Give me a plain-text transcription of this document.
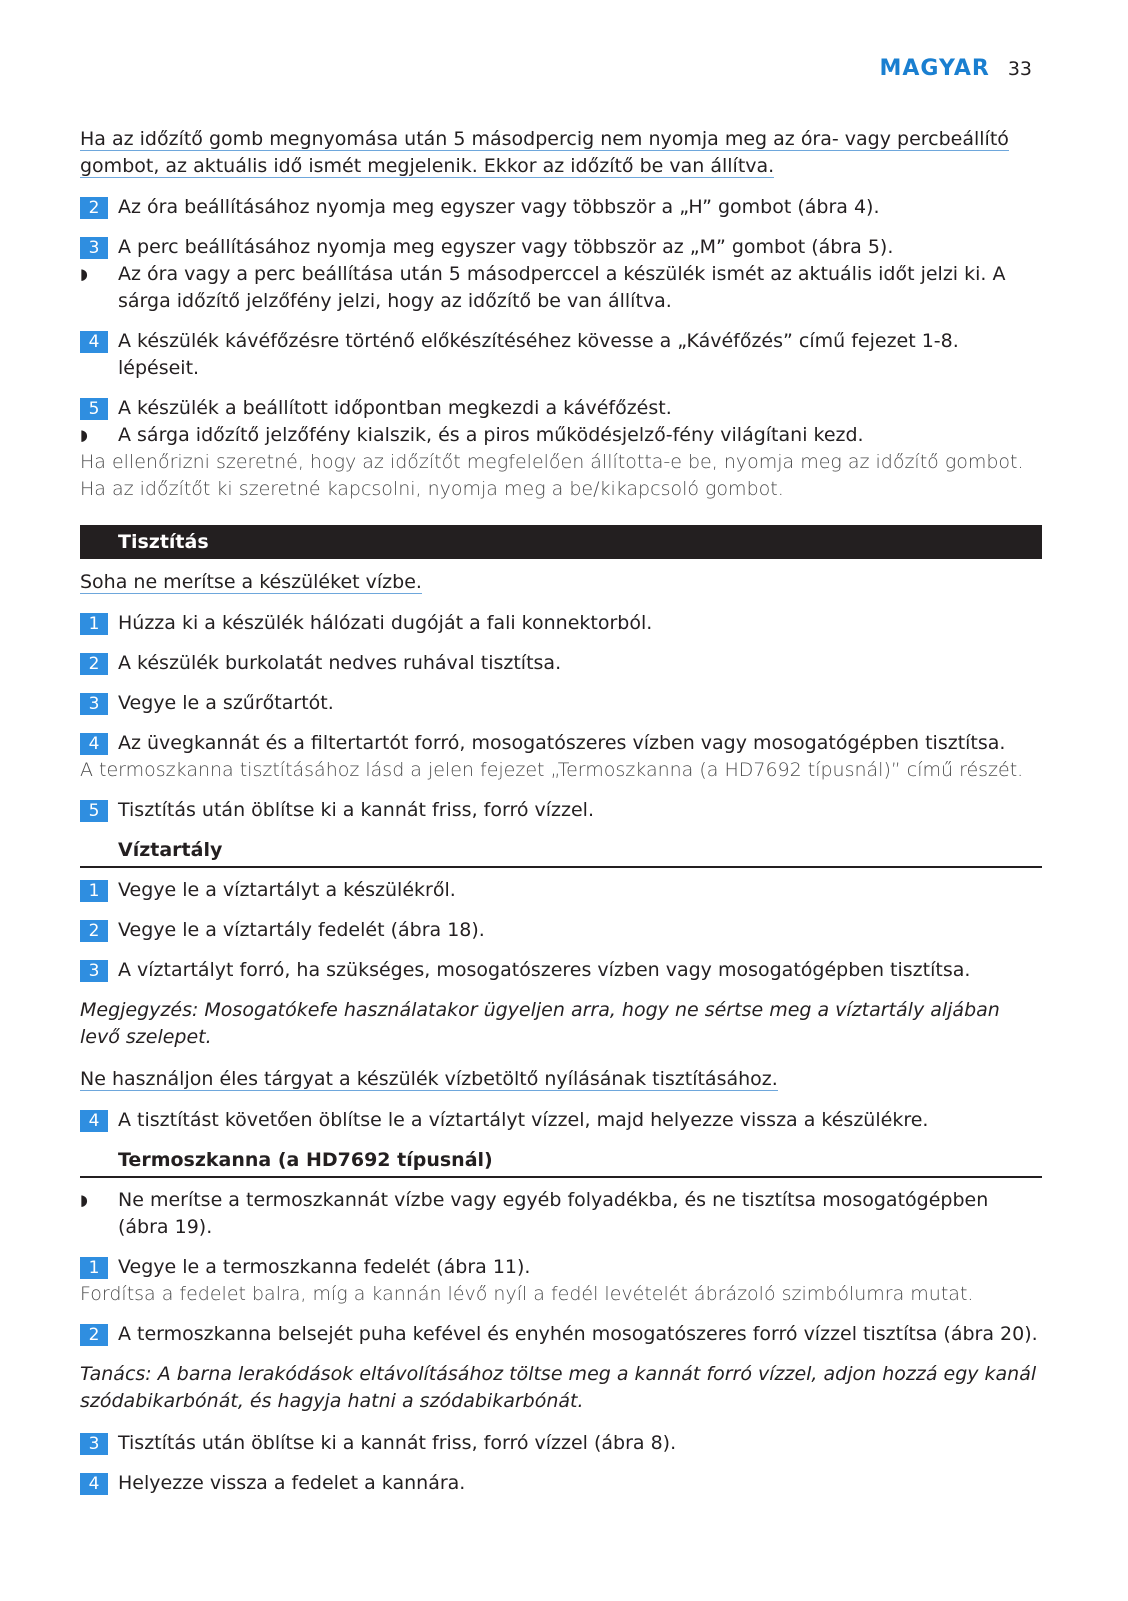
MAGYAR 33
Ha az időzítő gomb megnyomása után 5 másodpercig nem nyomja meg az óra- vagy percbeállító gombot, az aktuális idő ismét megjelenik. Ekkor az időzítő be van állítva.
2 Az óra beállításához nyomja meg egyszer vagy többször a „H” gombot (ábra 4).
3 A perc beállításához nyomja meg egyszer vagy többször az „M” gombot (ábra 5).
◗ Az óra vagy a perc beállítása után 5 másodperccel a készülék ismét az aktuális időt jelzi ki. A sárga időzítő jelzőfény jelzi, hogy az időzítő be van állítva.
4 A készülék kávéfőzésre történő előkészítéséhez kövesse a „Kávéfőzés” című fejezet 1-8. lépéseit.
5 A készülék a beállított időpontban megkezdi a kávéfőzést.
◗ A sárga időzítő jelzőfény kialszik, és a piros működésjelző-fény világítani kezd.
Ha ellenőrizni szeretné, hogy az időzítőt megfelelően állította-e be, nyomja meg az időzítő gombot.
Ha az időzítőt ki szeretné kapcsolni, nyomja meg a be/kikapcsoló gombot.
Tisztítás
Soha ne merítse a készüléket vízbe.
1 Húzza ki a készülék hálózati dugóját a fali konnektorból.
2 A készülék burkolatát nedves ruhával tisztítsa.
3 Vegye le a szűrőtartót.
4 Az üvegkannát és a filtertartót forró, mosogatószeres vízben vagy mosogatógépben tisztítsa.
A termoszkanna tisztításához lásd a jelen fejezet „Termoszkanna (a HD7692 típusnál)” című részét.
5 Tisztítás után öblítse ki a kannát friss, forró vízzel.
Víztartály
1 Vegye le a víztartályt a készülékről.
2 Vegye le a víztartály fedelét (ábra 18).
3 A víztartályt forró, ha szükséges, mosogatószeres vízben vagy mosogatógépben tisztítsa.
Megjegyzés: Mosogatókefe használatakor ügyeljen arra, hogy ne sértse meg a víztartály aljában levő szelepet.
Ne használjon éles tárgyat a készülék vízbetöltő nyílásának tisztításához.
4 A tisztítást követően öblítse le a víztartályt vízzel, majd helyezze vissza a készülékre.
Termoszkanna (a HD7692 típusnál)
◗ Ne merítse a termoszkannát vízbe vagy egyéb folyadékba, és ne tisztítsa mosogatógépben (ábra 19).
1 Vegye le a termoszkanna fedelét (ábra 11).
Fordítsa a fedelet balra, míg a kannán lévő nyíl a fedél levételét ábrázoló szimbólumra mutat.
2 A termoszkanna belsejét puha kefével és enyhén mosogatószeres forró vízzel tisztítsa (ábra 20).
Tanács: A barna lerakódások eltávolításához töltse meg a kannát forró vízzel, adjon hozzá egy kanál szódabikarbónát, és hagyja hatni a szódabikarbónát.
3 Tisztítás után öblítse ki a kannát friss, forró vízzel (ábra 8).
4 Helyezze vissza a fedelet a kannára.
